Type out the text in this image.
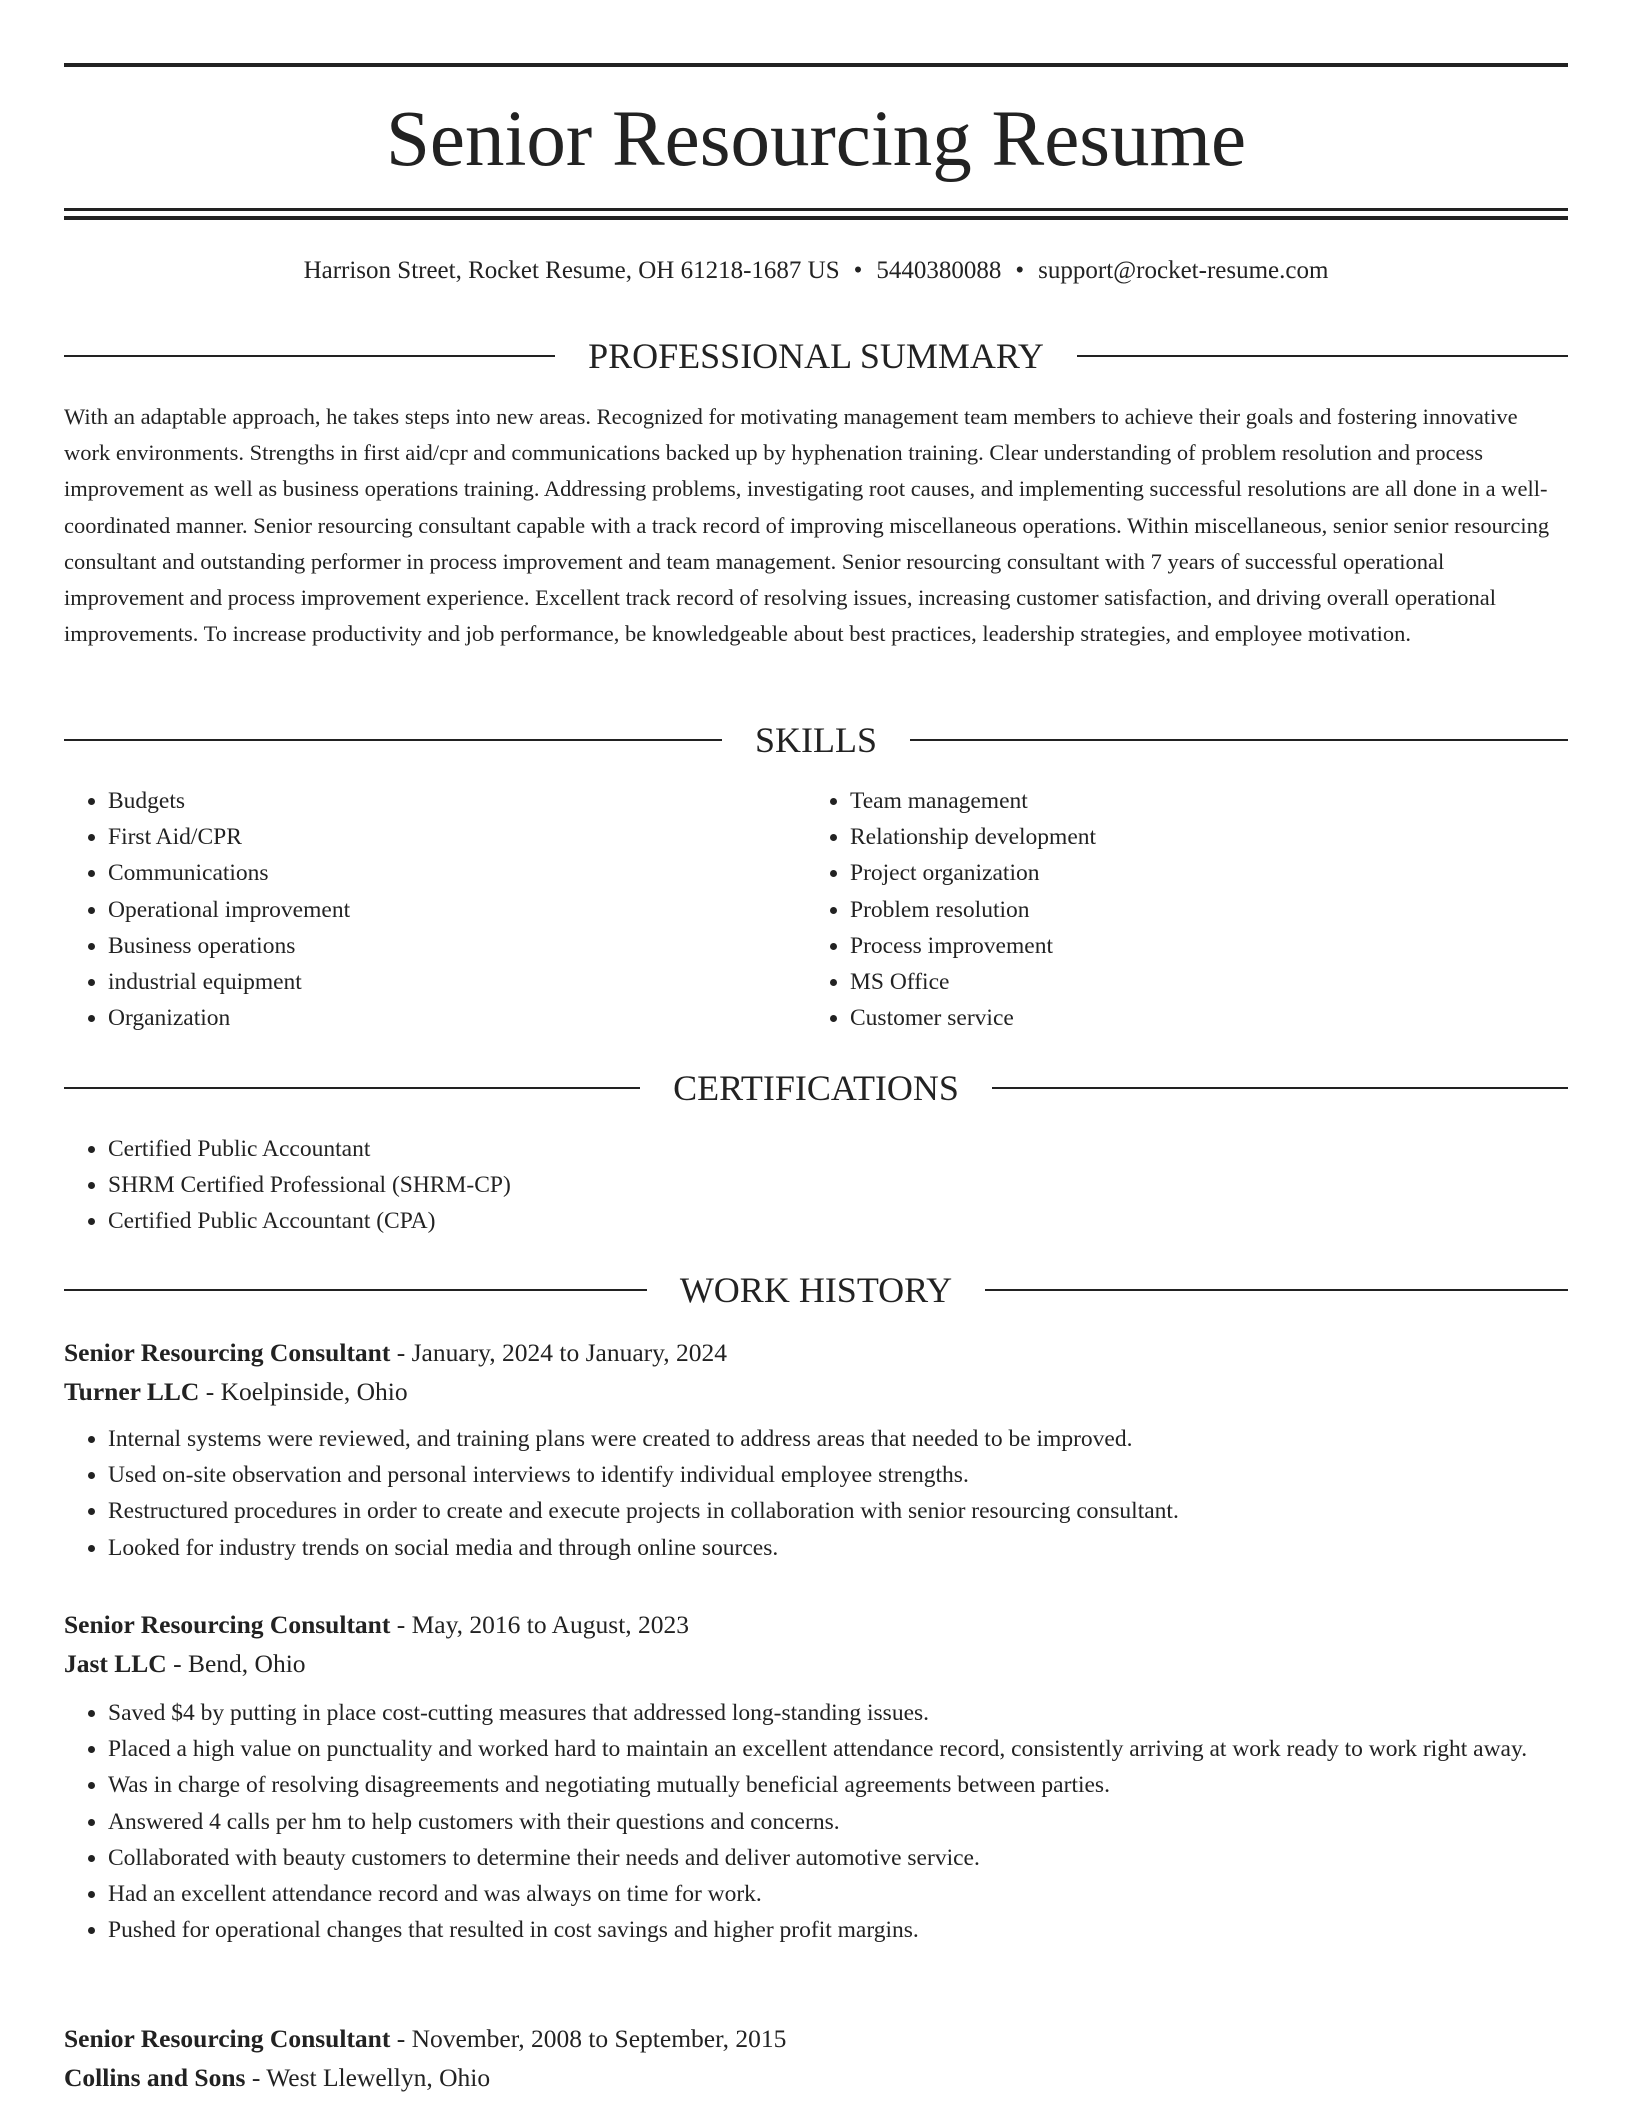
Senior Resourcing Resume
Harrison Street, Rocket Resume, OH 61218-1687 US • 5440380088 • support@rocket-resume.com
PROFESSIONAL SUMMARY

With an adaptable approach, he takes steps into new areas. Recognized for motivating management team members to achieve their goals and fostering innovative work environments. Strengths in first aid/cpr and communications backed up by hyphenation training. Clear understanding of problem resolution and process improvement as well as business operations training. Addressing problems, investigating root causes, and implementing successful resolutions are all done in a well-coordinated manner. Senior resourcing consultant capable with a track record of improving miscellaneous operations. Within miscellaneous, senior senior resourcing consultant and outstanding performer in process improvement and team management. Senior resourcing consultant with 7 years of successful operational improvement and process improvement experience. Excellent track record of resolving issues, increasing customer satisfaction, and driving overall operational improvements. To increase productivity and job performance, be knowledgeable about best practices, leadership strategies, and employee motivation.

SKILLS
• Budgets
• First Aid/CPR
• Communications
• Operational improvement
• Business operations
• industrial equipment
• Organization
• Team management
• Relationship development
• Project organization
• Problem resolution
• Process improvement
• MS Office
• Customer service
CERTIFICATIONS
• Certified Public Accountant
• SHRM Certified Professional (SHRM-CP)
• Certified Public Accountant (CPA)
WORK HISTORY
Senior Resourcing Consultant - January, 2024 to January, 2024
Turner LLC - Koelpinside, Ohio
• Internal systems were reviewed, and training plans were created to address areas that needed to be improved.
• Used on-site observation and personal interviews to identify individual employee strengths.
• Restructured procedures in order to create and execute projects in collaboration with senior resourcing consultant.
• Looked for industry trends on social media and through online sources.
Senior Resourcing Consultant - May, 2016 to August, 2023
Jast LLC - Bend, Ohio
• Saved $4 by putting in place cost-cutting measures that addressed long-standing issues.
• Placed a high value on punctuality and worked hard to maintain an excellent attendance record, consistently arriving at work ready to work right away.
• Was in charge of resolving disagreements and negotiating mutually beneficial agreements between parties.
• Answered 4 calls per hm to help customers with their questions and concerns.
• Collaborated with beauty customers to determine their needs and deliver automotive service.
• Had an excellent attendance record and was always on time for work.
• Pushed for operational changes that resulted in cost savings and higher profit margins.
Senior Resourcing Consultant - November, 2008 to September, 2015
Collins and Sons - West Llewellyn, Ohio
